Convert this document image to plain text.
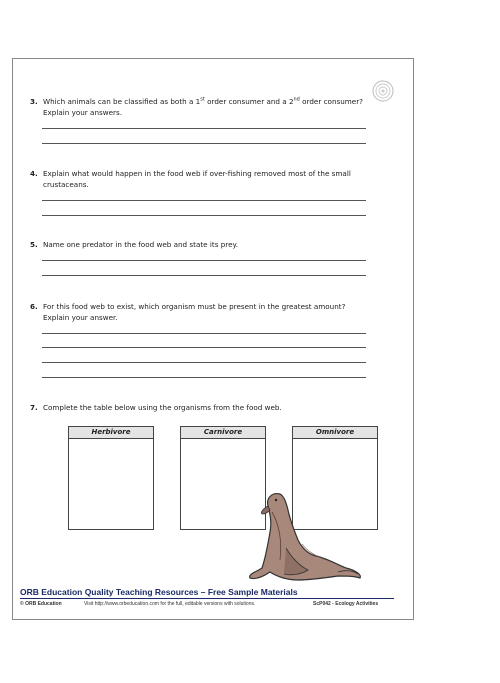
3. Which animals can be classified as both a 1st order consumer and a 2nd order consumer?
Explain your answers.
4. Explain what would happen in the food web if over-fishing removed most of the small crustaceans.
5. Name one predator in the food web and state its prey.
6. For this food web to exist, which organism must be present in the greatest amount? Explain your answer.
7. Complete the table below using the organisms from the food web.
Herbivore	Carnivore	Omnivore
ORB Education Quality Teaching Resources – Free Sample Materials
© ORB Education	Visit http://www.orbeducation.com for the full, editable versions with solutions.	ScP042 - Ecology Activities
